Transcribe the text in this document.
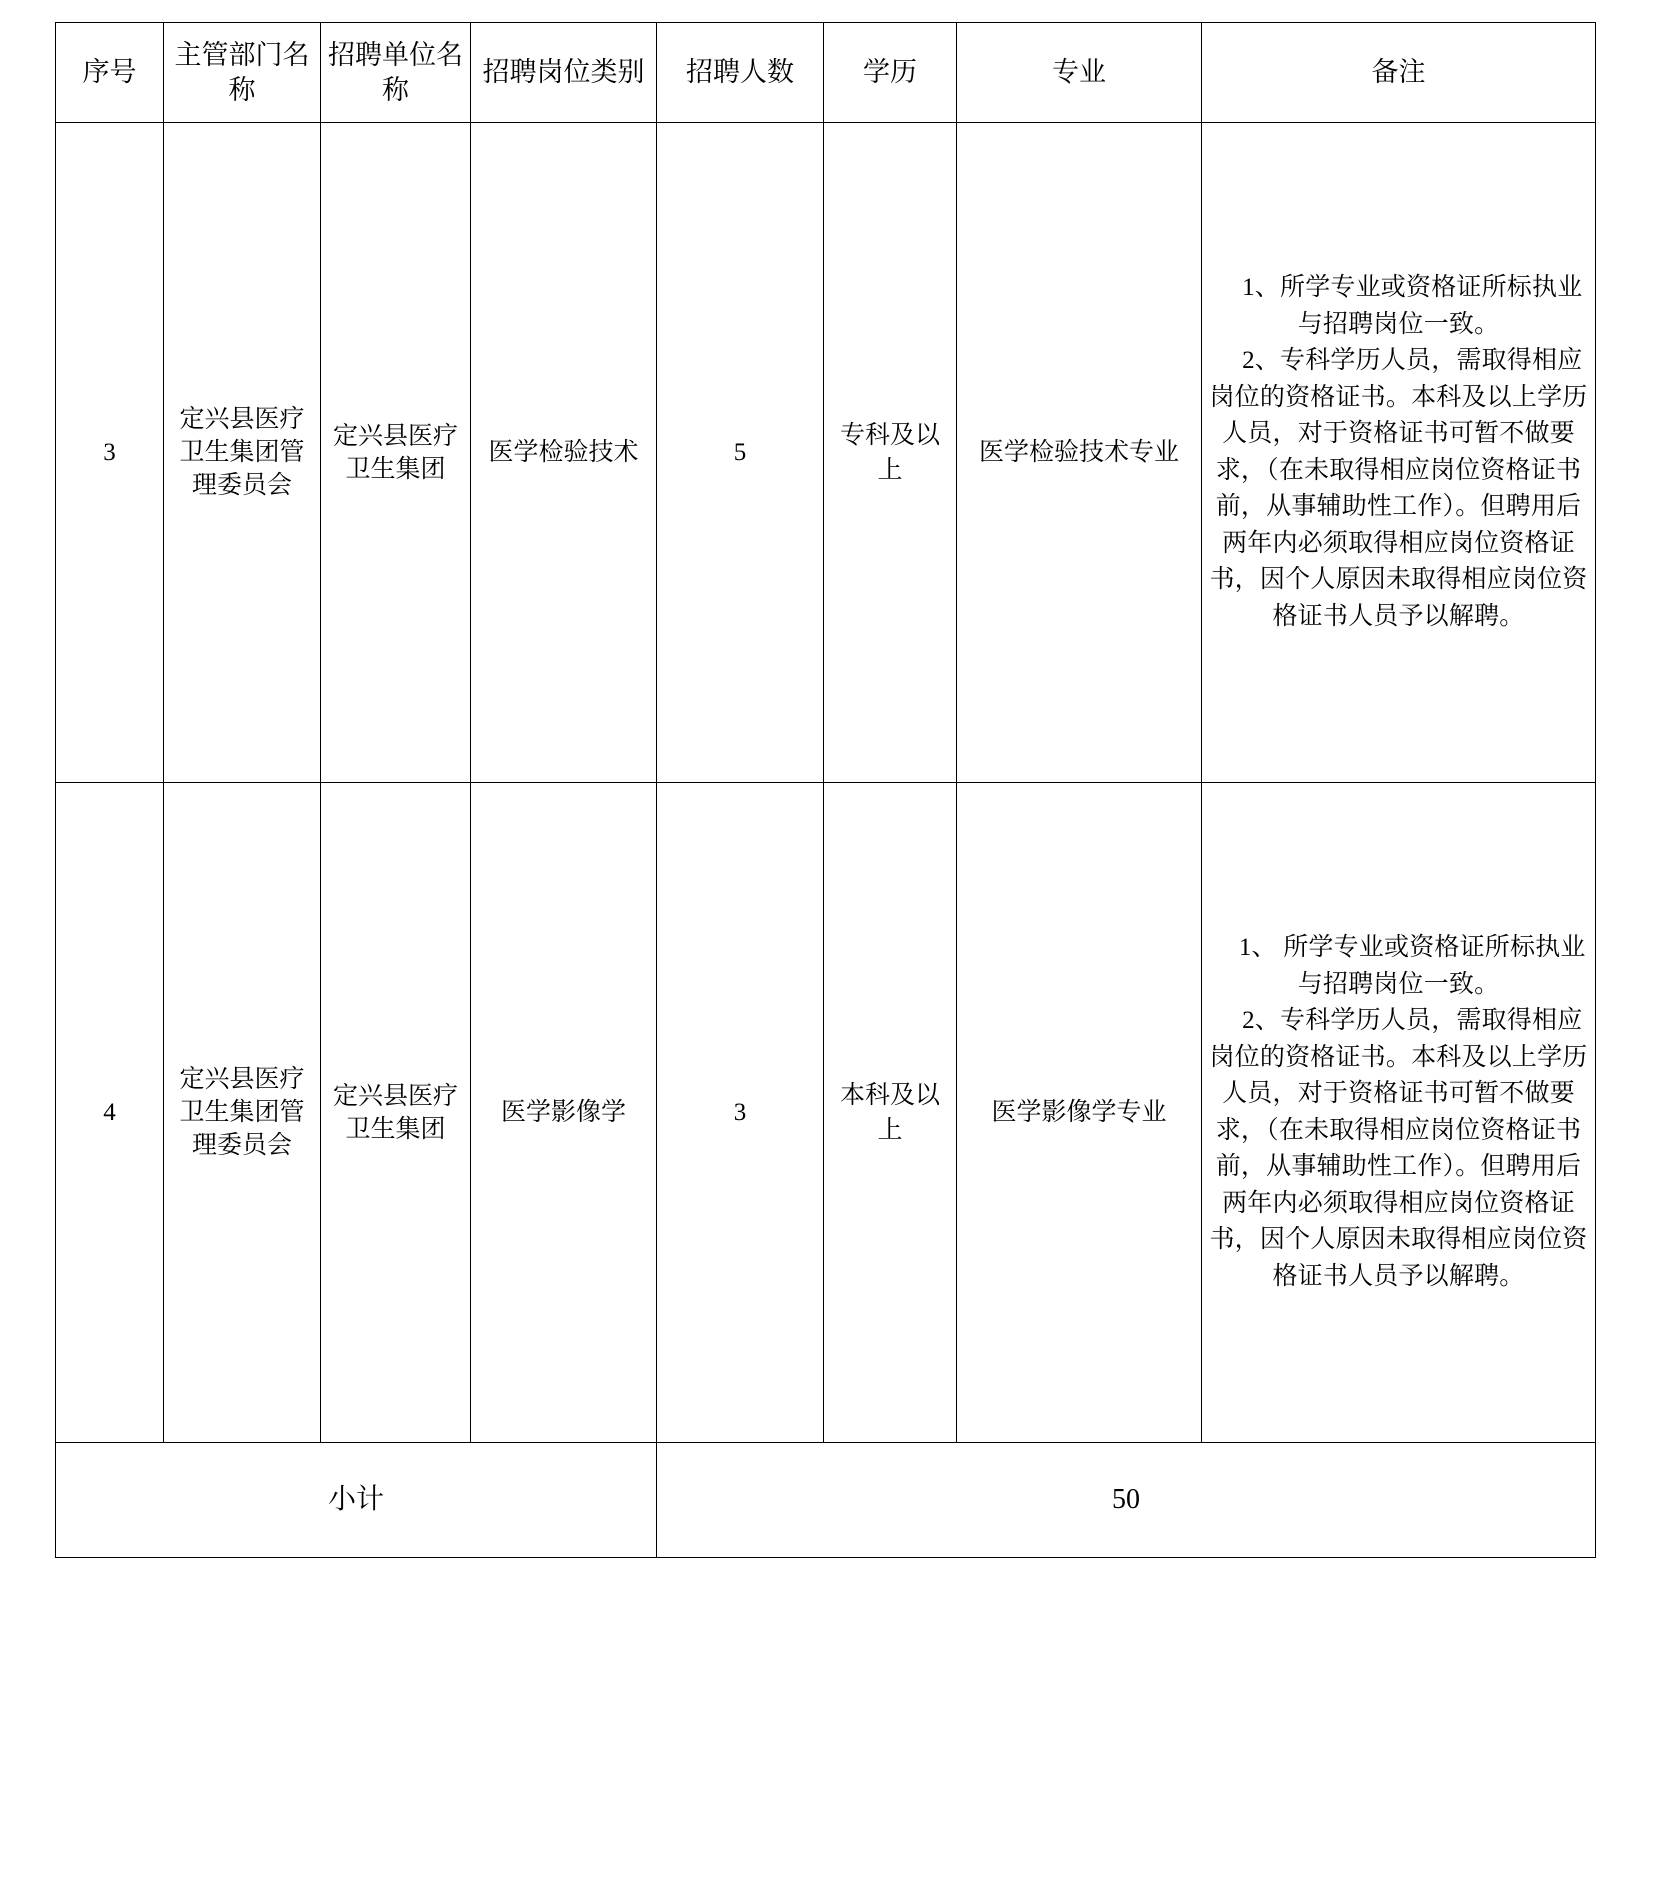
序号	主管部门名称	招聘单位名称	招聘岗位类别	招聘人数	学历	专业	备注
3	定兴县医疗卫生集团管理委员会	定兴县医疗卫生集团	医学检验技术	5	专科及以上	医学检验技术专业	1、所学专业或资格证所标执业与招聘岗位一致。

2、专科学历人员，需取得相应岗位的资格证书。本科及以上学历人员，对于资格证书可暂不做要求，（在未取得相应岗位资格证书前，从事辅助性工作）。但聘用后两年内必须取得相应岗位资格证书，因个人原因未取得相应岗位资格证书人员予以解聘。

4	定兴县医疗卫生集团管理委员会	定兴县医疗卫生集团	医学影像学	3	本科及以上	医学影像学专业	1、 所学专业或资格证所标执业与招聘岗位一致。

2、专科学历人员，需取得相应岗位的资格证书。本科及以上学历人员，对于资格证书可暂不做要求，（在未取得相应岗位资格证书前，从事辅助性工作）。但聘用后两年内必须取得相应岗位资格证书，因个人原因未取得相应岗位资格证书人员予以解聘。

小计				50			
